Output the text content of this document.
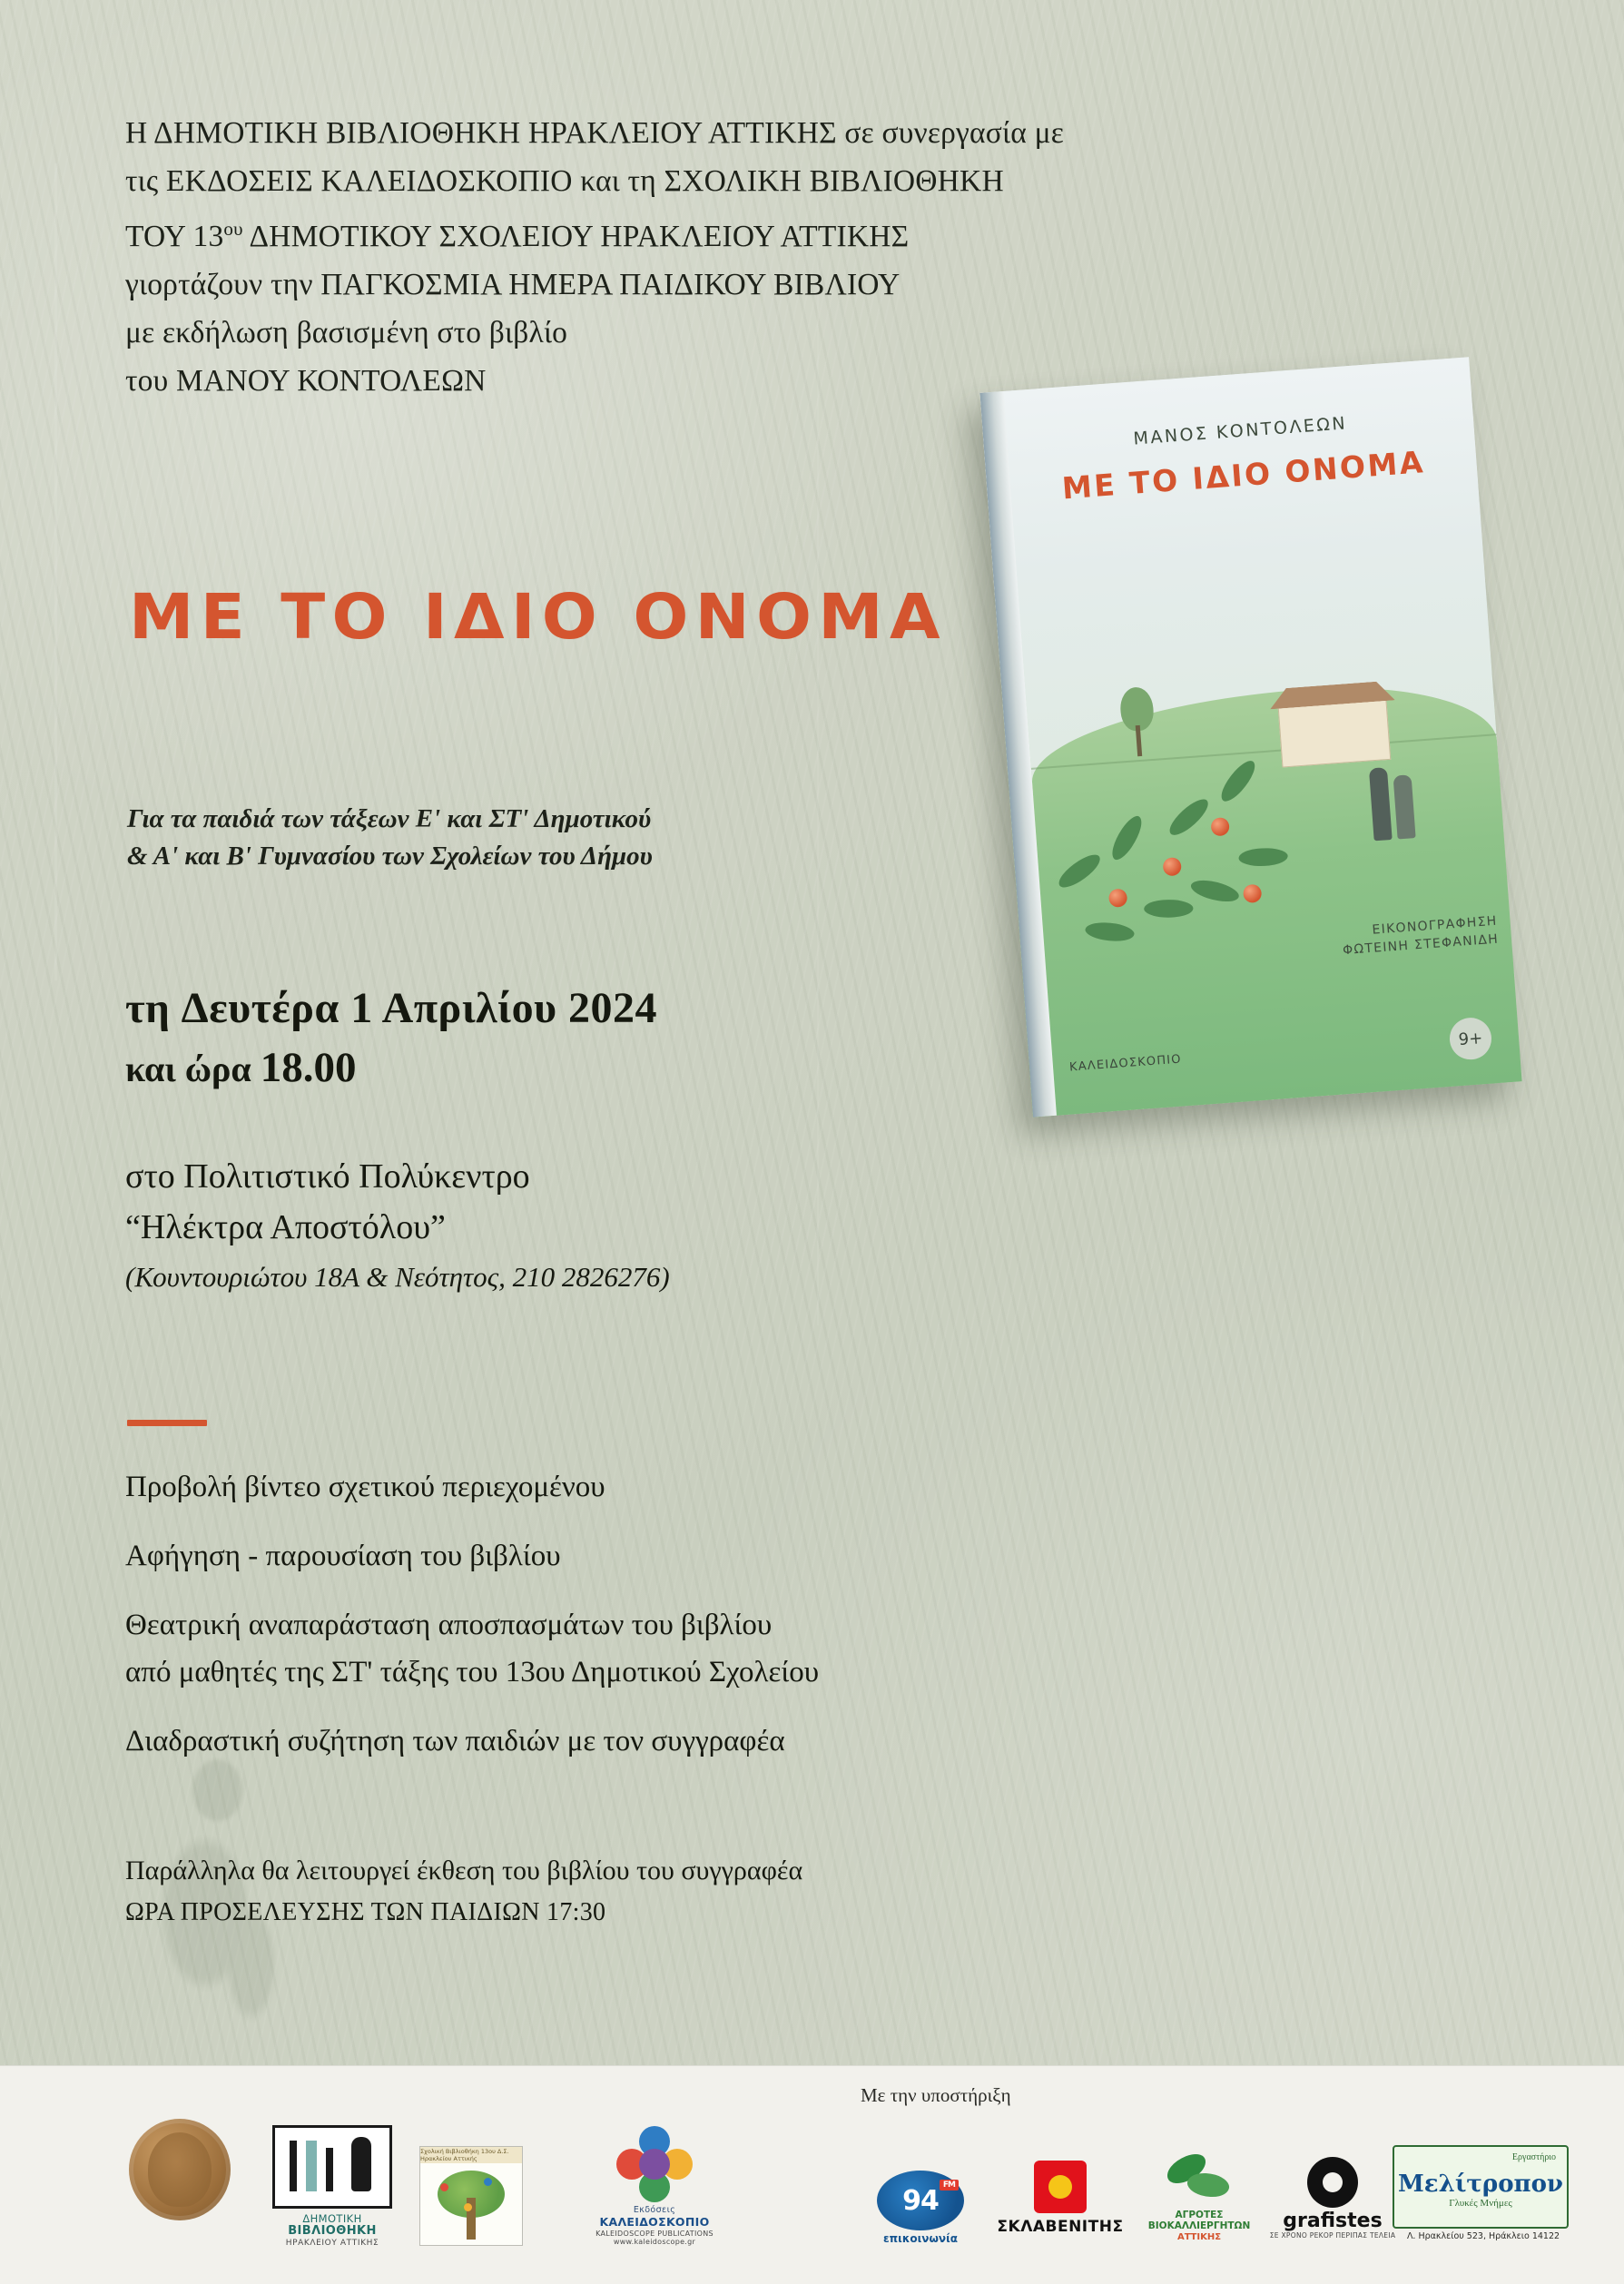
Η ΔΗΜΟΤΙΚΗ ΒΙΒΛΙΟΘΗΚΗ ΗΡΑΚΛΕΙΟΥ ΑΤΤΙΚΗΣ σε συνεργασία με
τις ΕΚΔΟΣΕΙΣ ΚΑΛΕΙΔΟΣΚΟΠΙΟ και τη ΣΧΟΛΙΚΗ ΒΙΒΛΙΟΘΗΚΗ
ΤΟΥ $13^{o\upsilon}$ ΔΗΜΟΤΙΚΟΥ ΣΧΟΛΕΙΟΥ ΗΡΑΚΛΕΙΟΥ ΑΤΤΙΚΗΣ
γιορτάζουν την ΠΑΓΚΟΣΜΙΑ ΗΜΕΡΑ ΠΑΙΔΙΚΟΥ ΒΙΒΛΙΟΥ
με εκδήλωση βασισμένη στο βιβλίο
του ΜΑΝΟΥ ΚΟΝΤΟΛΕΩΝ
ΜΕ ΤΟ ΙΔΙΟ ΟΝΟΜΑ
Για τα παιδιά των τάξεων Ε' και ΣΤ' Δημοτικού
& Α' και Β' Γυμνασίου των Σχολείων του Δήμου
τη Δευτέρα 1 Απριλίου 2024
και ώρα 18.00
στο Πολιτιστικό Πολύκεντρο
“Ηλέκτρα Αποστόλου”
(Κουντουριώτου 18Α & Νεότητος, 210 2826276)
Προβολή βίντεο σχετικού περιεχομένου
Αφήγηση - παρουσίαση του βιβλίου
Θεατρική αναπαράσταση αποσπασμάτων του βιβλίου
από μαθητές της ΣΤ' τάξης του 13ου Δημοτικού Σχολείου
Διαδραστική συζήτηση των παιδιών με τον συγγραφέα
Παράλληλα θα λειτουργεί έκθεση του βιβλίου του συγγραφέα
ΩΡΑ ΠΡΟΣΕΛΕΥΣΗΣ ΤΩΝ ΠΑΙΔΙΩΝ 17:30
ΜΑΝΟΣ ΚΟΝΤΟΛΕΩΝ
ΜΕ ΤΟ ΙΔΙΟ ΟΝΟΜΑ
ΕΙΚΟΝΟΓΡΑΦΗΣΗ
ΦΩΤΕΙΝΗ ΣΤΕΦΑΝΙΔΗ
ΚΑΛΕΙΔΟΣΚΟΠΙΟ
9+
Με την υποστήριξη
ΔΗΜΟΤΙΚΗ
ΒΙΒΛΙΟΘΗΚΗ
ΗΡΑΚΛΕΙΟΥ ΑΤΤΙΚΗΣ
Σχολική Βιβλιοθήκη 13ου Δ.Σ. Ηρακλείου Αττικής
Εκδόσεις
ΚΑΛΕΙΔΟΣΚΟΠΙΟ
KALEIDOSCOPE PUBLICATIONS
www.kaleidoscope.gr
94 FM
επικοινωνία
ΣΚΛΑΒΕΝΙΤΗΣ
ΑΓΡΟΤΕΣ ΒΙΟΚΑΛΛΙΕΡΓΗΤΩΝ
ΑΤΤΙΚΗΣ
grafistes
ΣΕ ΧΡΟΝΟ ΡΕΚΟΡ ΠΕΡΙΠΑΣ ΤΕΛΕΙΑ
Εργαστήριο
Μελίτροπον
Γλυκές Μνήμες
Λ. Ηρακλείου 523, Ηράκλειο 14122
